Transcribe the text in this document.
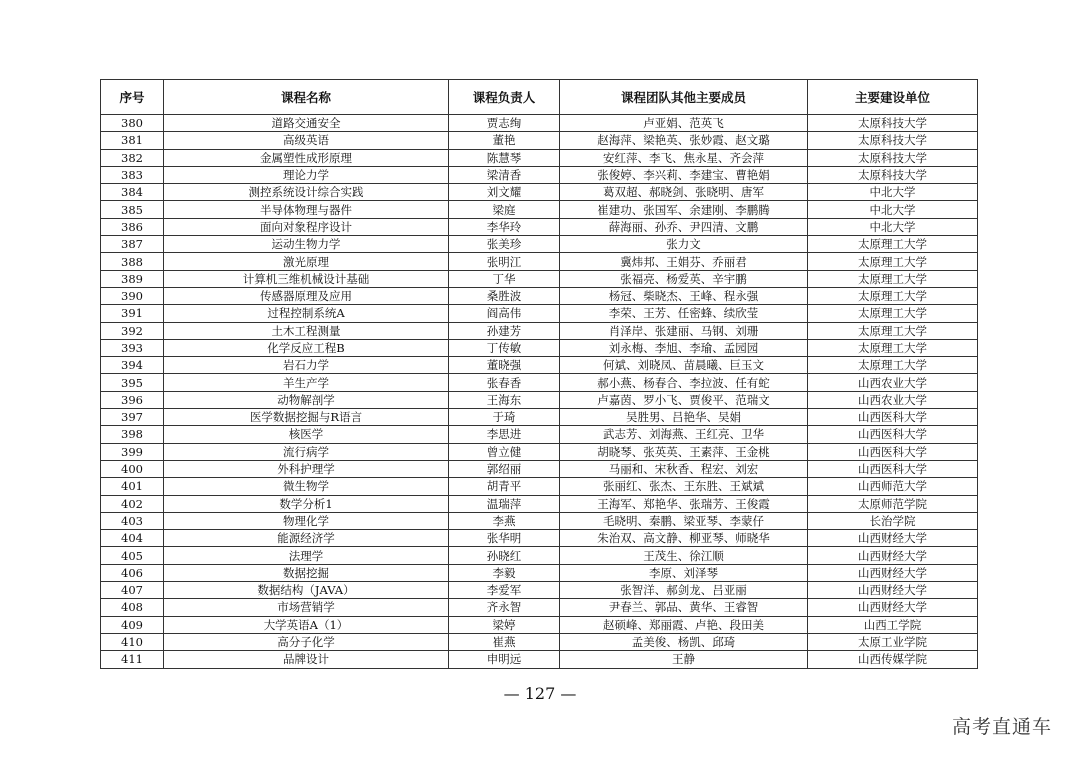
序号	课程名称	课程负责人	课程团队其他主要成员	主要建设单位
380	道路交通安全	贾志绚	卢亚娟、范英飞	太原科技大学
381	高级英语	董艳	赵海萍、梁艳英、张妙霞、赵文璐	太原科技大学
382	金属塑性成形原理	陈慧琴	安红萍、李飞、焦永星、齐会萍	太原科技大学
383	理论力学	梁清香	张俊婷、李兴莉、李建宝、曹艳娟	太原科技大学
384	测控系统设计综合实践	刘文耀	葛双超、郝晓剑、张晓明、唐军	中北大学
385	半导体物理与器件	梁庭	崔建功、张国军、余建刚、李鹏腾	中北大学
386	面向对象程序设计	李华玲	薛海丽、孙乔、尹四清、文鹏	中北大学
387	运动生物力学	张美珍	张力文	太原理工大学
388	激光原理	张明江	冀炜邦、王娟芬、乔丽君	太原理工大学
389	计算机三维机械设计基础	丁华	张福亮、杨爱英、辛宇鹏	太原理工大学
390	传感器原理及应用	桑胜波	杨冠、柴晓杰、王峰、程永强	太原理工大学
391	过程控制系统A	阎高伟	李荣、王芳、任密蜂、续欣莹	太原理工大学
392	土木工程测量	孙建芳	肖泽岸、张建丽、马钢、刘珊	太原理工大学
393	化学反应工程B	丁传敏	刘永梅、李旭、李瑜、孟园园	太原理工大学
394	岩石力学	董晓强	何斌、刘晓凤、苗晨曦、巨玉文	太原理工大学
395	羊生产学	张春香	郝小燕、杨春合、李拉波、任有蛇	山西农业大学
396	动物解剖学	王海东	卢嘉茵、罗小飞、贾俊平、范瑞文	山西农业大学
397	医学数据挖掘与R语言	于琦	吴胜男、吕艳华、吴娟	山西医科大学
398	核医学	李思进	武志芳、刘海燕、王红亮、卫华	山西医科大学
399	流行病学	曾立健	胡晓琴、张英英、王素萍、王金桃	山西医科大学
400	外科护理学	郭绍丽	马丽和、宋秋香、程宏、刘宏	山西医科大学
401	微生物学	胡青平	张丽红、张杰、王东胜、王斌斌	山西师范大学
402	数学分析1	温瑞萍	王海军、郑艳华、张瑞芳、王俊霞	太原师范学院
403	物理化学	李燕	毛晓明、秦鹏、梁亚琴、李蒙仔	长治学院
404	能源经济学	张华明	朱治双、高文静、柳亚琴、师晓华	山西财经大学
405	法理学	孙晓红	王茂生、徐江顺	山西财经大学
406	数据挖掘	李毅	李原、刘泽琴	山西财经大学
407	数据结构（JAVA）	李爱军	张智洋、郝剑龙、吕亚丽	山西财经大学
408	市场营销学	齐永智	尹春兰、郭品、黄华、王睿智	山西财经大学
409	大学英语A（1）	梁婷	赵硕峰、郑丽霞、卢艳、段田美	山西工学院
410	高分子化学	崔燕	孟美俊、杨凯、邱琦	太原工业学院
411	品牌设计	申明远	王静	山西传媒学院
— 127 —
高考直通车
